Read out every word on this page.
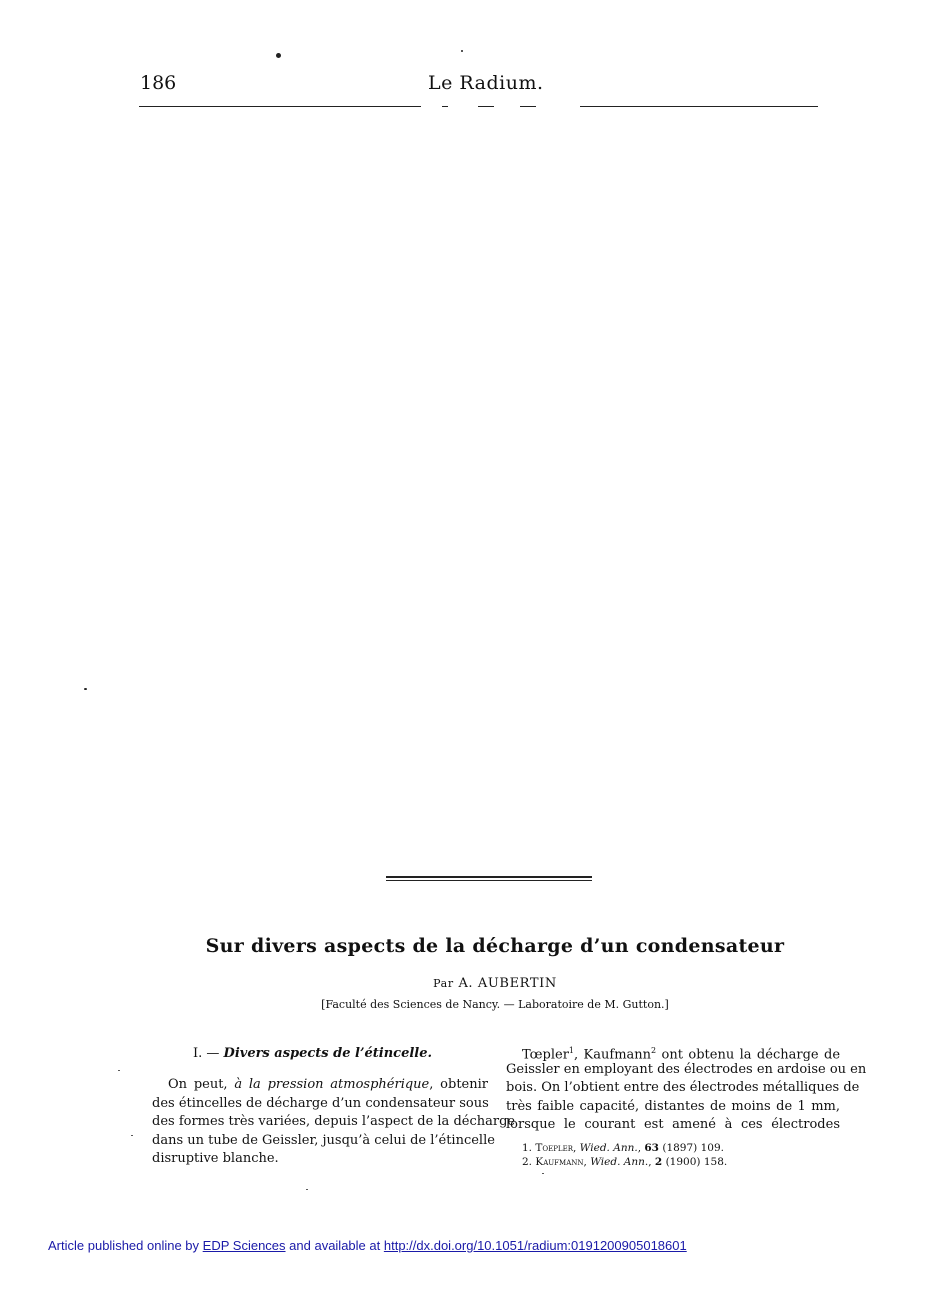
186	Le Radium.
Sur divers aspects de la décharge d’un condensateur
Par A. AUBERTIN
[Faculté des Sciences de Nancy. — Laboratoire de M. Gutton.]
I. — Divers aspects de l’étincelle.
On peut, à la pression atmosphérique, obtenir
des étincelles de décharge d’un condensateur sous
des formes très variées, depuis l’aspect de la décharge
dans un tube de Geissler, jusqu’à celui de l’étincelle
disruptive blanche.
Tœpler$^1$, Kaufmann$^2$ ont obtenu la décharge de
Geissler en employant des électrodes en ardoise ou en
bois. On l’obtient entre des électrodes métalliques de
très faible capacité, distantes de moins de 1 mm,
lorsque le courant est amené à ces électrodes
1. Toepler, Wied. Ann., 63 (1897) 109.
2. Kaufmann, Wied. Ann., 2 (1900) 158.
Article published online by EDP Sciences and available at http://dx.doi.org/10.1051/radium:0191200905018601
